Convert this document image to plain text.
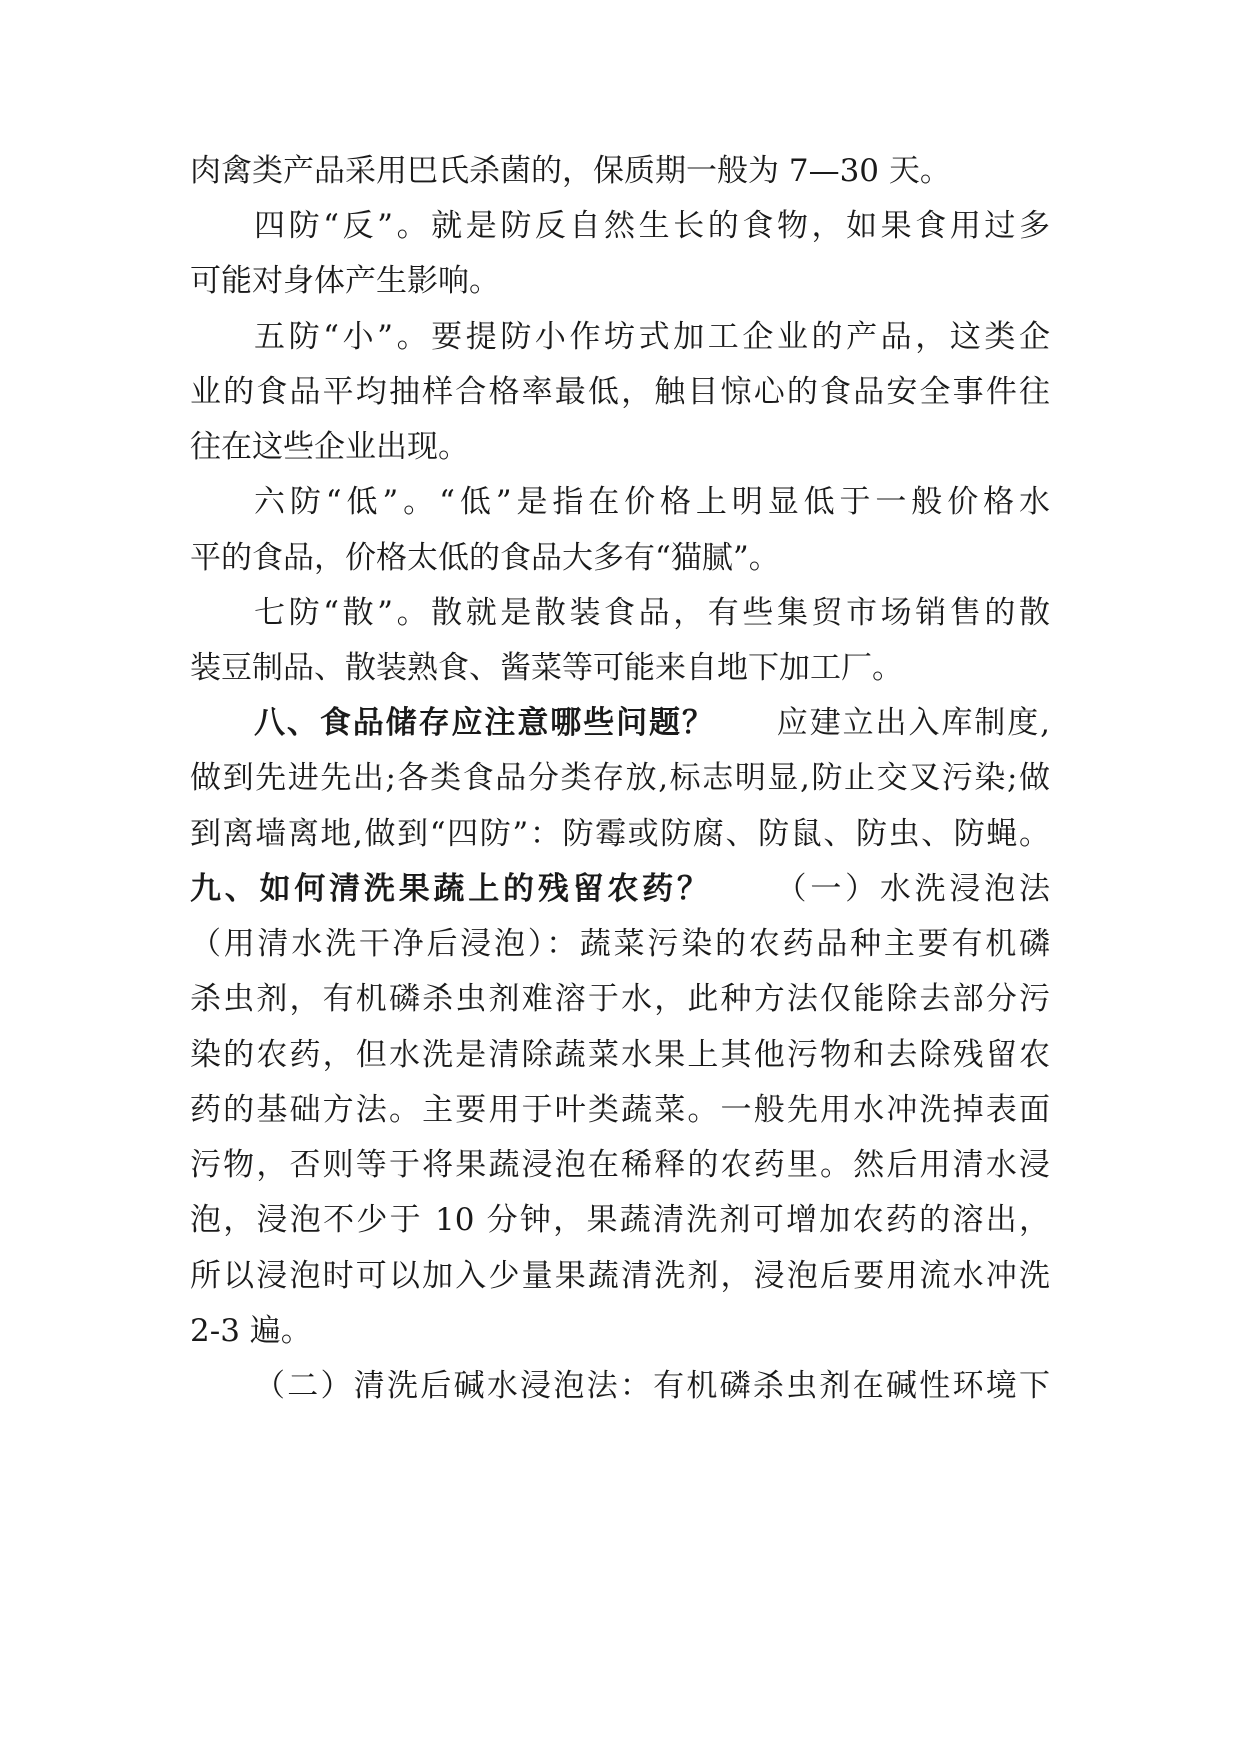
肉禽类产品采用巴氏杀菌的，保质期一般为 7—30 天。
四防“反”。就是防反自然生长的食物，如果食用过多
可能对身体产生影响。
五防“小”。要提防小作坊式加工企业的产品，这类企
业的食品平均抽样合格率最低，触目惊心的食品安全事件往
往在这些企业出现。
六防“低”。“低”是指在价格上明显低于一般价格水
平的食品，价格太低的食品大多有“猫腻”。
七防“散”。散就是散装食品，有些集贸市场销售的散
装豆制品、散装熟食、酱菜等可能来自地下加工厂。
八、食品储存应注意哪些问题？ 应建立出入库制度,
做到先进先出;各类食品分类存放,标志明显,防止交叉污染;做
到离墙离地,做到“四防”：防霉或防腐、防鼠、防虫、防蝇。
九、如何清洗果蔬上的残留农药？ （一）水洗浸泡法
（用清水洗干净后浸泡）：蔬菜污染的农药品种主要有机磷
杀虫剂，有机磷杀虫剂难溶于水，此种方法仅能除去部分污
染的农药，但水洗是清除蔬菜水果上其他污物和去除残留农
药的基础方法。主要用于叶类蔬菜。一般先用水冲洗掉表面
污物，否则等于将果蔬浸泡在稀释的农药里。然后用清水浸
泡，浸泡不少于 10 分钟，果蔬清洗剂可增加农药的溶出，
所以浸泡时可以加入少量果蔬清洗剂，浸泡后要用流水冲洗
2-3 遍。
（二）清洗后碱水浸泡法：有机磷杀虫剂在碱性环境下
